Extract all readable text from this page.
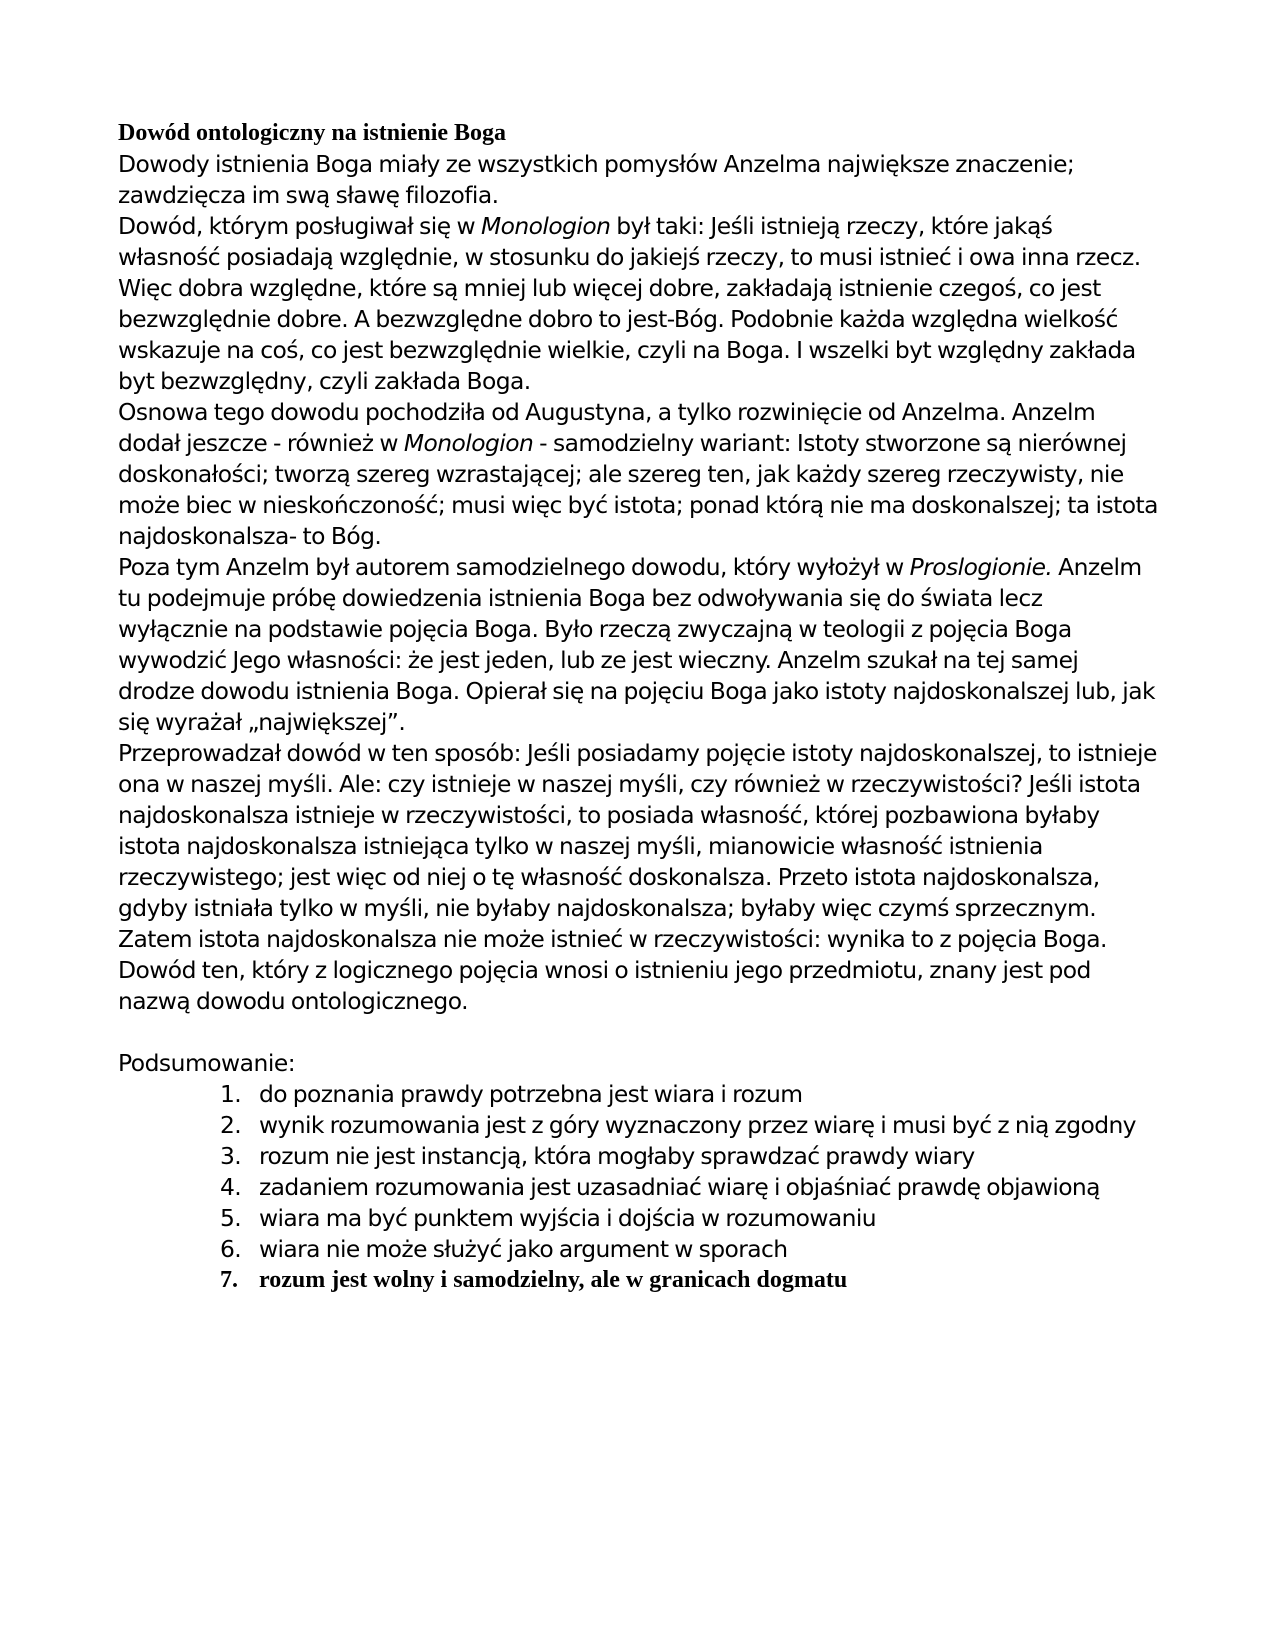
Dowód ontologiczny na istnienie Boga

Dowody istnienia Boga miały ze wszystkich pomysłów Anzelma największe znaczenie; zawdzięcza im swą sławę filozofia.

Dowód, którym posługiwał się w Monologion był taki: Jeśli istnieją rzeczy, które jakąś własność posiadają względnie, w stosunku do jakiejś rzeczy, to musi istnieć i owa inna rzecz. Więc dobra względne, które są mniej lub więcej dobre, zakładają istnienie czegoś, co jest bezwzględnie dobre. A bezwzględne dobro to jest-Bóg. Podobnie każda względna wielkość wskazuje na coś, co jest bezwzględnie wielkie, czyli na Boga. I wszelki byt względny zakłada byt bezwzględny, czyli zakłada Boga.

Osnowa tego dowodu pochodziła od Augustyna, a tylko rozwinięcie od Anzelma. Anzelm dodał jeszcze - również w Monologion - samodzielny wariant: Istoty stworzone są nierównej doskonałości; tworzą szereg wzrastającej; ale szereg ten, jak każdy szereg rzeczywisty, nie może biec w nieskończoność; musi więc być istota; ponad którą nie ma doskonalszej; ta istota najdoskonalsza- to Bóg.

Poza tym Anzelm był autorem samodzielnego dowodu, który wyłożył w Proslogionie. Anzelm tu podejmuje próbę dowiedzenia istnienia Boga bez odwoływania się do świata lecz wyłącznie na podstawie pojęcia Boga. Było rzeczą zwyczajną w teologii z pojęcia Boga wywodzić Jego własności: że jest jeden, lub ze jest wieczny. Anzelm szukał na tej samej drodze dowodu istnienia Boga. Opierał się na pojęciu Boga jako istoty najdoskonalszej lub, jak się wyrażał „największej”.

Przeprowadzał dowód w ten sposób: Jeśli posiadamy pojęcie istoty najdoskonalszej, to istnieje ona w naszej myśli. Ale: czy istnieje w naszej myśli, czy również w rzeczywistości? Jeśli istota najdoskonalsza istnieje w rzeczywistości, to posiada własność, której pozbawiona byłaby istota najdoskonalsza istniejąca tylko w naszej myśli, mianowicie własność istnienia rzeczywistego; jest więc od niej o tę własność doskonalsza. Przeto istota najdoskonalsza, gdyby istniała tylko w myśli, nie byłaby najdoskonalsza; byłaby więc czymś sprzecznym. Zatem istota najdoskonalsza nie może istnieć w rzeczywistości: wynika to z pojęcia Boga. Dowód ten, który z logicznego pojęcia wnosi o istnieniu jego przedmiotu, znany jest pod nazwą dowodu ontologicznego.

Podsumowanie:

1. do poznania prawdy potrzebna jest wiara i rozum
2. wynik rozumowania jest z góry wyznaczony przez wiarę i musi być z nią zgodny
3. rozum nie jest instancją, która mogłaby sprawdzać prawdy wiary
4. zadaniem rozumowania jest uzasadniać wiarę i objaśniać prawdę objawioną
5. wiara ma być punktem wyjścia i dojścia w rozumowaniu
6. wiara nie może służyć jako argument w sporach
7. rozum jest wolny i samodzielny, ale w granicach dogmatu
